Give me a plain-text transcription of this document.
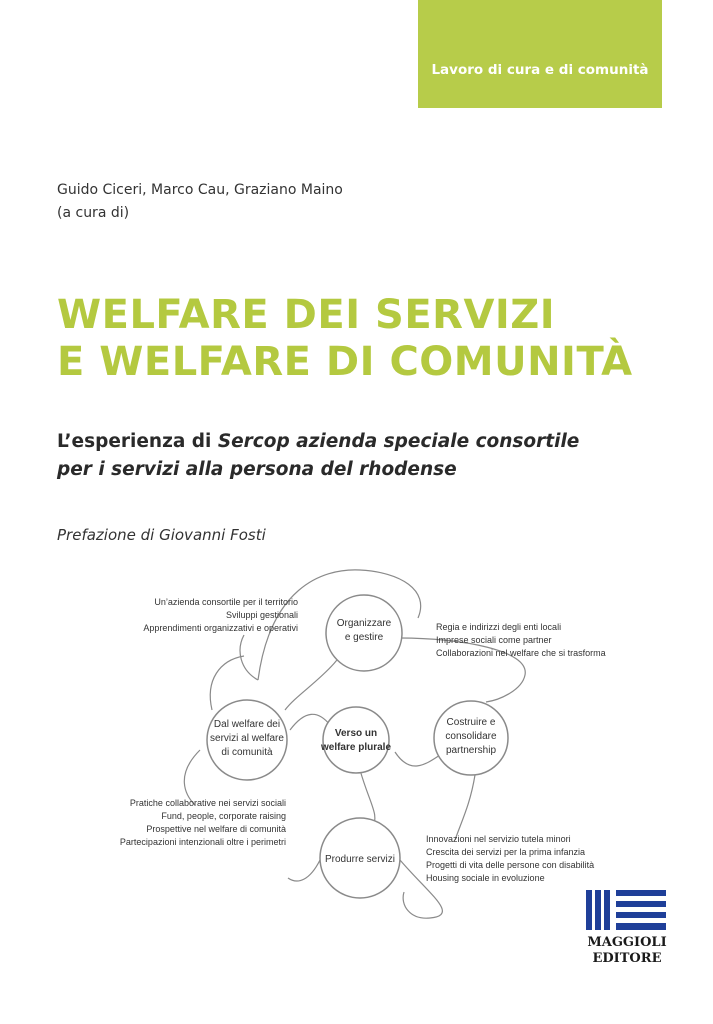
Lavoro di cura e di comunità
Guido Ciceri, Marco Cau, Graziano Maino
(a cura di)
WELFARE DEI SERVIZI
E WELFARE DI COMUNITÀ
L’esperienza di Sercop azienda speciale consortile
per i servizi alla persona del rhodense
Prefazione di Giovanni Fosti
Organizzare
e gestire
Dal welfare dei
servizi al welfare
di comunità
Verso un
welfare plurale
Costruire e
consolidare
partnership
Produrre servizi
Un’azienda consortile per il territorio
Sviluppi gestionali
Apprendimenti organizzativi e operativi
Pratiche collaborative nei servizi sociali
Fund, people, corporate raising
Prospettive nel welfare di comunità
Partecipazioni intenzionali oltre i perimetri
Regia e indirizzi degli enti locali
Imprese sociali come partner
Collaborazioni nel welfare che si trasforma
Innovazioni nel servizio tutela minori
Crescita dei servizi per la prima infanzia
Progetti di vita delle persone con disabilità
Housing sociale in evoluzione
MAGGIOLI
EDITORE
